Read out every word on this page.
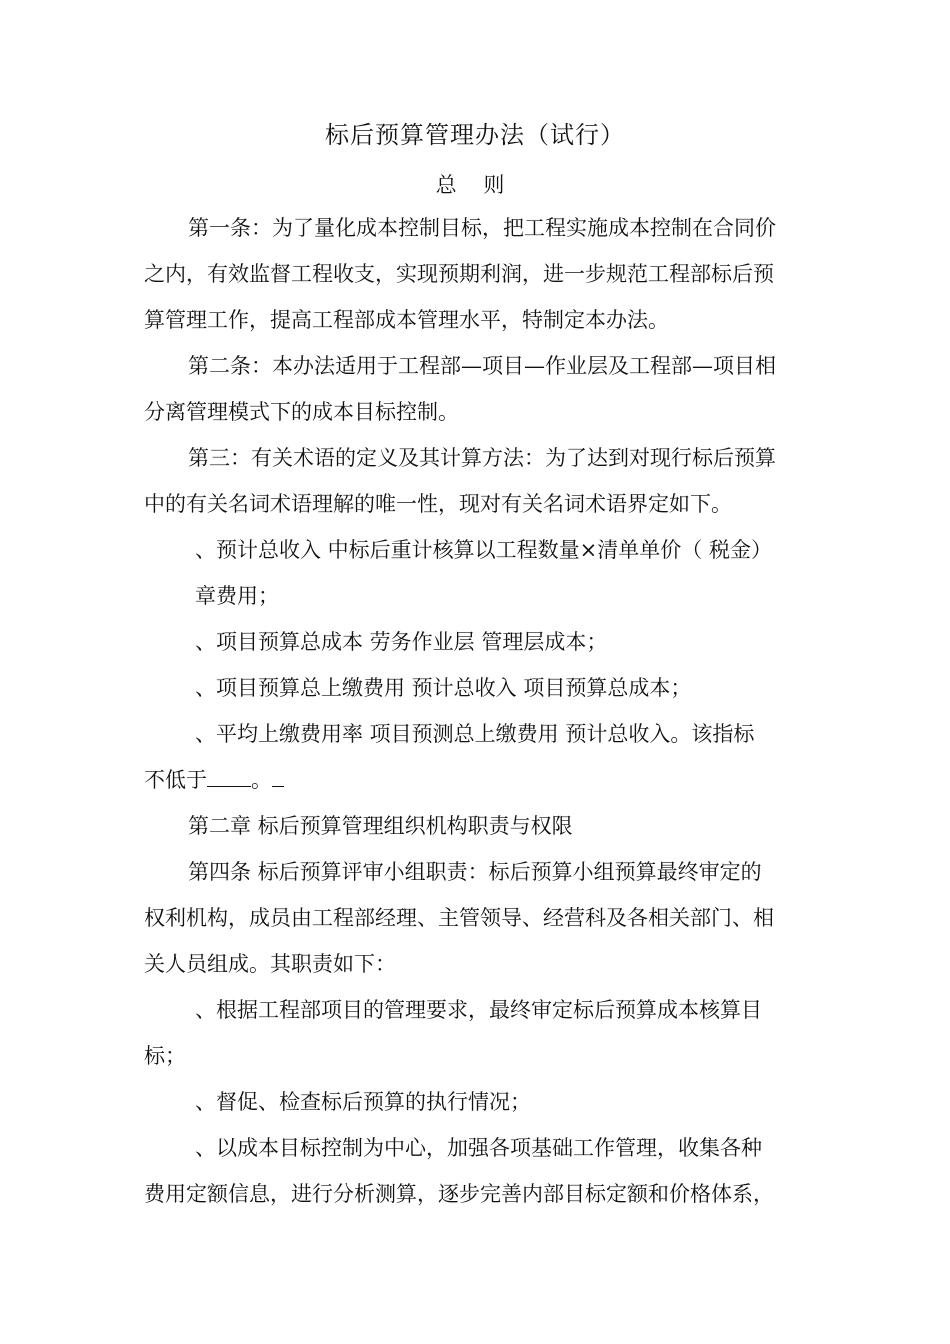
标后预算管理办法（试行）
总 则
第一条：为了量化成本控制目标，把工程实施成本控制在合同价
之内，有效监督工程收支，实现预期利润，进一步规范工程部标后预
算管理工作，提高工程部成本管理水平，特制定本办法。
第二条：本办法适用于工程部—项目—作业层及工程部—项目相
分离管理模式下的成本目标控制。
第三：有关术语的定义及其计算方法：为了达到对现行标后预算
中的有关名词术语理解的唯一性，现对有关名词术语界定如下。
、预计总收入 中标后重计核算以工程数量×清单单价（ 税金）
章费用；
、项目预算总成本 劳务作业层 管理层成本；
、项目预算总上缴费用 预计总收入 项目预算总成本；
、平均上缴费用率 项目预测总上缴费用 预计总收入。该指标
不低于 。
第二章 标后预算管理组织机构职责与权限
第四条 标后预算评审小组职责：标后预算小组预算最终审定的
权利机构，成员由工程部经理、主管领导、经营科及各相关部门、相
关人员组成。其职责如下：
、根据工程部项目的管理要求，最终审定标后预算成本核算目
标；
、督促、检查标后预算的执行情况；
、以成本目标控制为中心，加强各项基础工作管理，收集各种
费用定额信息，进行分析测算，逐步完善内部目标定额和价格体系，
